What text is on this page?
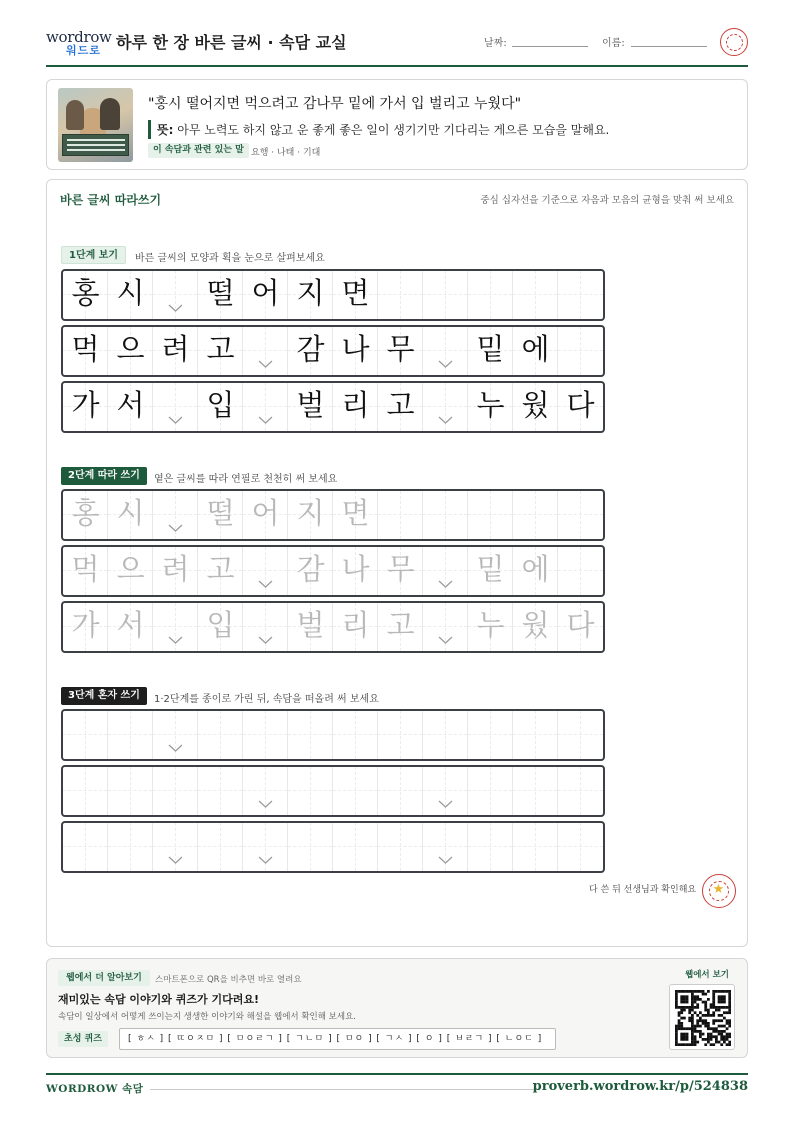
wordrow
워드로 하루 한 장 바른 글씨 · 속담 교실	날짜:	이름:
"홍시 떨어지면 먹으려고 감나무 밑에 가서 입 벌리고 누웠다"
뜻: 아무 노력도 하지 않고 운 좋게 좋은 일이 생기기만 기다리는 게으른 모습을 말해요.
이 속담과 관련 있는 말 요행 · 나태 · 기대
바른 글씨 따라쓰기	중심 십자선을 기준으로 자음과 모음의 균형을 맞춰 써 보세요
1단계 보기	바른 글씨의 모양과 획을 눈으로 살펴보세요
2단계 따라 쓰기	옅은 글씨를 따라 연필로 천천히 써 보세요
3단계 혼자 쓰기	1·2단계를 종이로 가린 뒤, 속담을 떠올려 써 보세요
홍 시 떨 어 지 면
먹 으 려 고 감 나 무 밑 에
가 서 입 벌 리 고 누 웠 다
홍 시 떨 어 지 면
먹 으 려 고 감 나 무 밑 에
가 서 입 벌 리 고 누 웠 다
다 쓴 뒤 선생님과 확인해요	★
웹에서 더 알아보기	스마트폰으로 QR을 비추면 바로 열려요
재미있는 속담 이야기와 퀴즈가 기다려요!
속담이 일상에서 어떻게 쓰이는지 생생한 이야기와 해설을 웹에서 확인해 보세요.
초성 퀴즈	[ ㅎㅅ ] [ ㄸㅇㅈㅁ ] [ ㅁㅇㄹㄱ ] [ ㄱㄴㅁ ] [ ㅁㅇ ] [ ㄱㅅ ] [ ㅇ ] [ ㅂㄹㄱ ] [ ㄴㅇㄷ ]
웹에서 보기
WORDROW 속담	proverb.wordrow.kr/p/524838
